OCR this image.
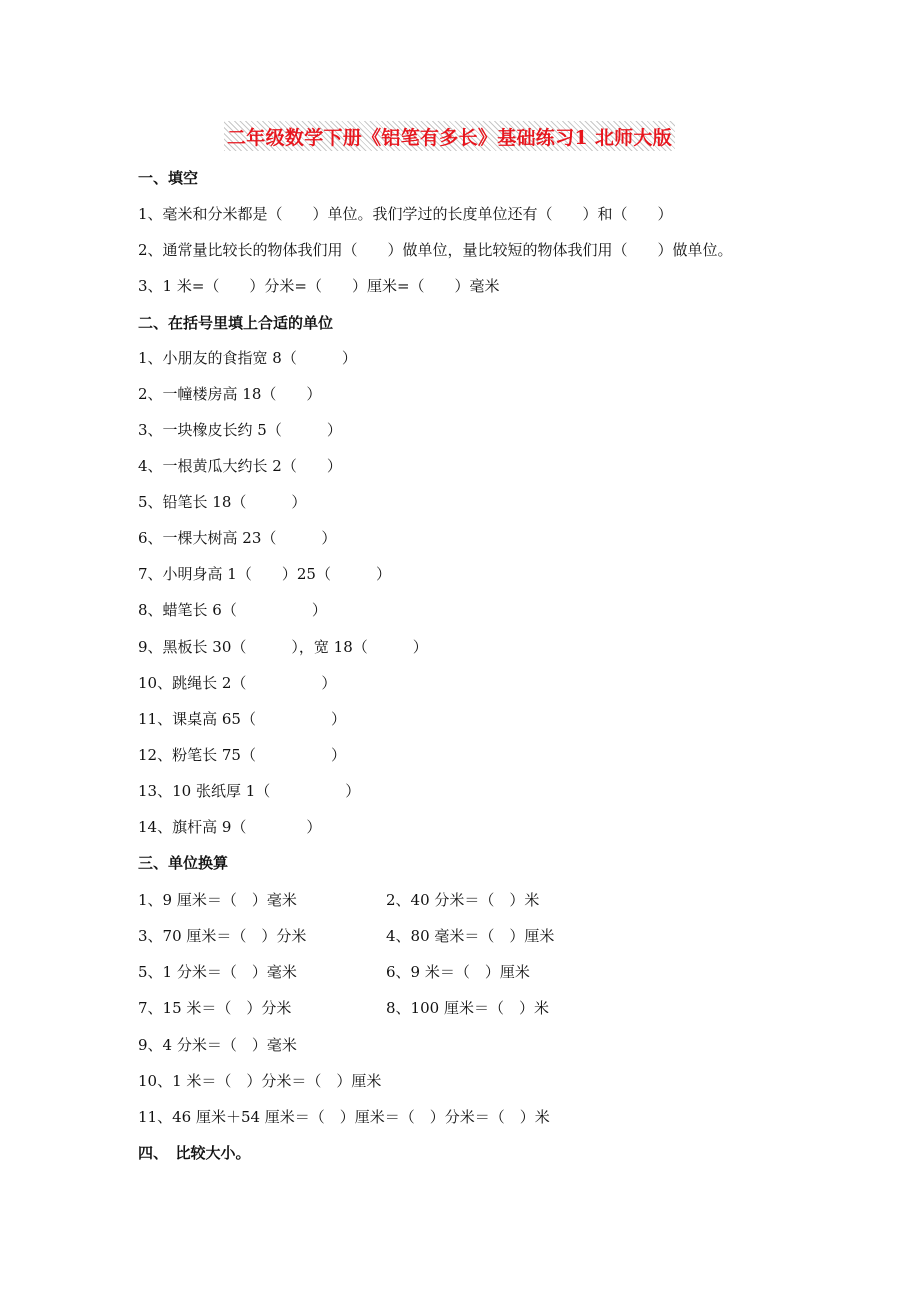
二年级数学下册《铝笔有多长》基础练习1 北师大版
一、填空
1、毫米和分米都是（　　）单位。我们学过的长度单位还有（　　）和（　　）
2、通常量比较长的物体我们用（　　）做单位，量比较短的物体我们用（　　）做单位。
3、1 米=（　　）分米=（　　）厘米=（　　）毫米
二、在括号里填上合适的单位
1、小朋友的食指宽 8（　　　）
2、一幢楼房高 18（　　）
3、一块橡皮长约 5（　　　）
4、一根黄瓜大约长 2（　　）
5、铅笔长 18（　　　）
6、一棵大树高 23（　　　）
7、小明身高 1（　　）25（　　　）
8、蜡笔长 6（　　　　　）
9、黑板长 30（　　　），宽 18（　　　）
10、跳绳长 2（　　　　　）
11、课桌高 65（　　　　　）
12、粉笔长 75（　　　　　）
13、10 张纸厚 1（　　　　　）
14、旗杆高 9（　　　　）
三、单位换算
1、9 厘米＝（　）毫米	2、40 分米＝（　）米
3、70 厘米＝（　）分米	4、80 毫米＝（　）厘米
5、1 分米＝（　）毫米	6、9 米＝（　）厘米
7、15 米＝（　）分米	8、100 厘米＝（　）米
9、4 分米＝（　）毫米
10、1 米＝（　）分米＝（　）厘米
11、46 厘米＋54 厘米＝（　）厘米＝（　）分米＝（　）米
四、　比较大小。
